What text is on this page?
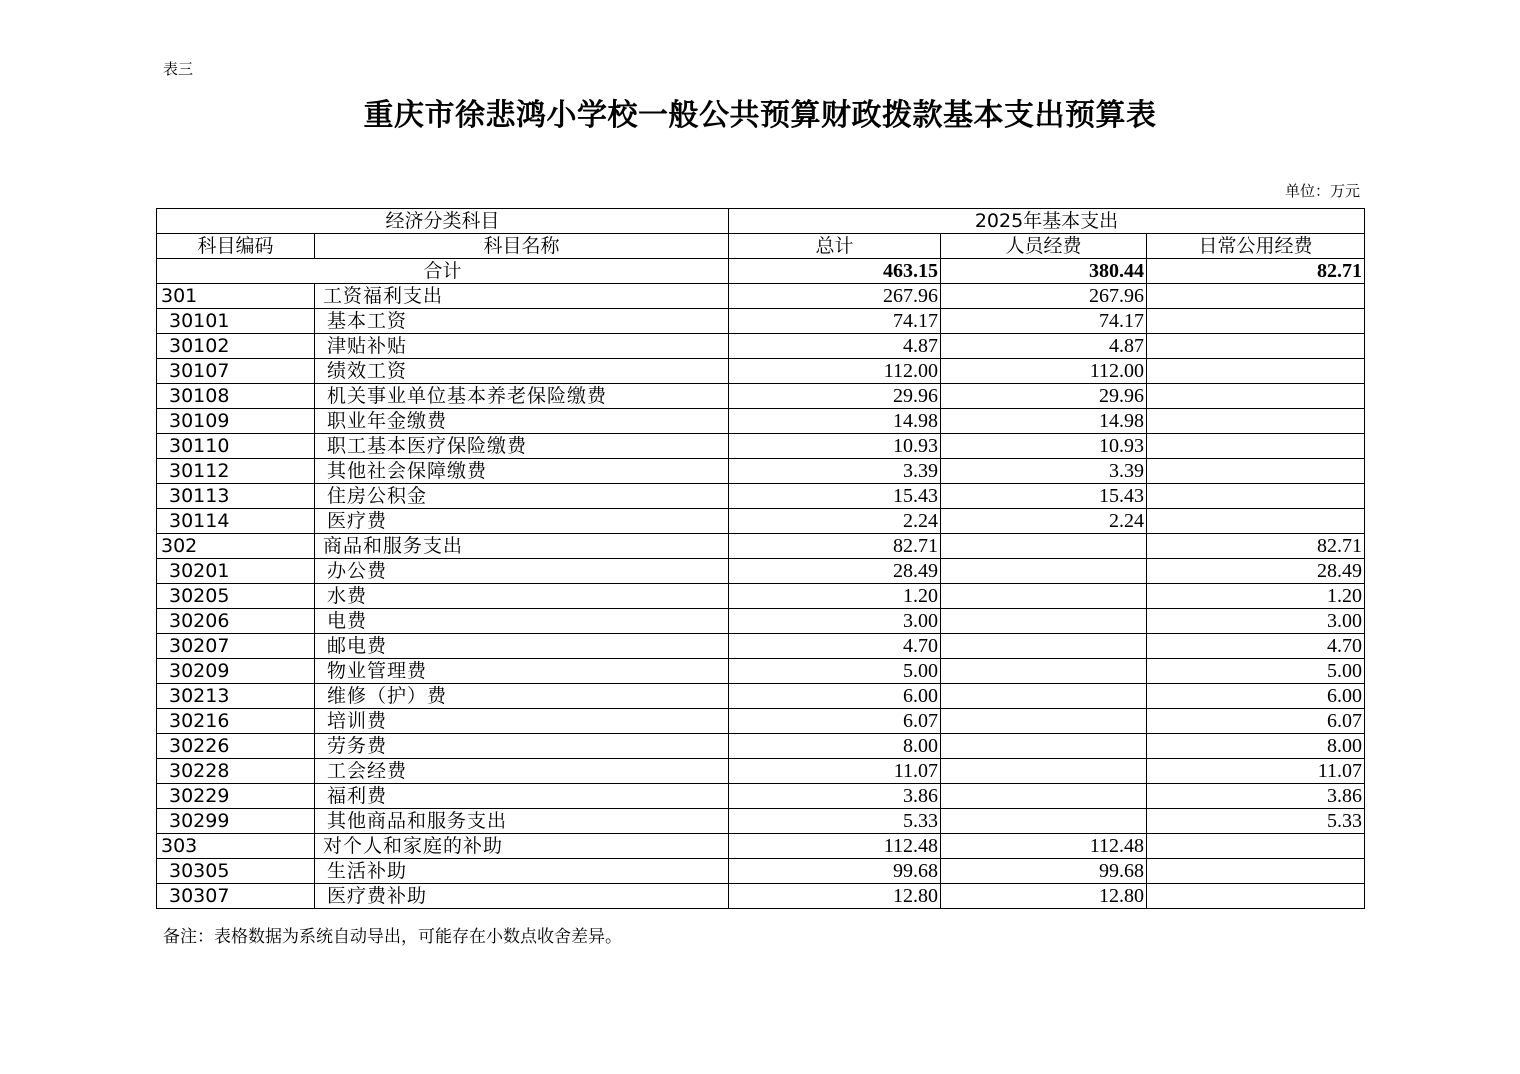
表三
重庆市徐悲鸿小学校一般公共预算财政拨款基本支出预算表
单位：万元
经济分类科目		2025年基本支出		
科目编码	科目名称	总计	人员经费	日常公用经费
合计		463.15	380.44	82.71
301	工资福利支出	267.96	267.96	
30101	基本工资	74.17	74.17	
30102	津贴补贴	4.87	4.87	
30107	绩效工资	112.00	112.00	
30108	机关事业单位基本养老保险缴费	29.96	29.96	
30109	职业年金缴费	14.98	14.98	
30110	职工基本医疗保险缴费	10.93	10.93	
30112	其他社会保障缴费	3.39	3.39	
30113	住房公积金	15.43	15.43	
30114	医疗费	2.24	2.24	
302	商品和服务支出	82.71		82.71
30201	办公费	28.49		28.49
30205	水费	1.20		1.20
30206	电费	3.00		3.00
30207	邮电费	4.70		4.70
30209	物业管理费	5.00		5.00
30213	维修（护）费	6.00		6.00
30216	培训费	6.07		6.07
30226	劳务费	8.00		8.00
30228	工会经费	11.07		11.07
30229	福利费	3.86		3.86
30299	其他商品和服务支出	5.33		5.33
303	对个人和家庭的补助	112.48	112.48	
30305	生活补助	99.68	99.68	
30307	医疗费补助	12.80	12.80	
备注：表格数据为系统自动导出，可能存在小数点收舍差异。
